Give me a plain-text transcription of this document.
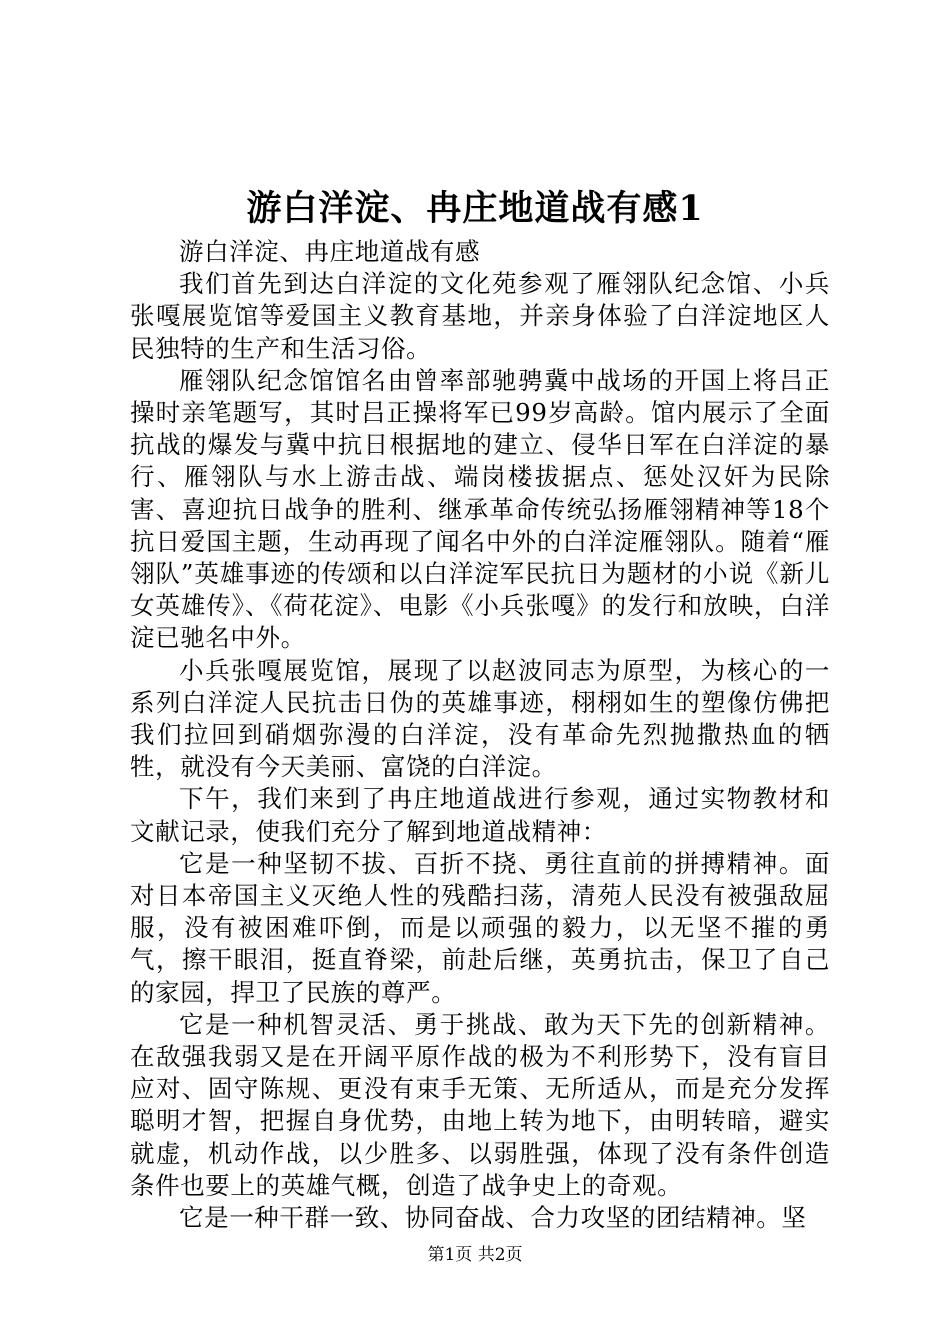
游白洋淀、冉庄地道战有感1

游白洋淀、冉庄地道战有感

我们首先到达白洋淀的文化苑参观了雁翎队纪念馆、小兵张嘎展览馆等爱国主义教育基地，并亲身体验了白洋淀地区人民独特的生产和生活习俗。

雁翎队纪念馆馆名由曾率部驰骋冀中战场的开国上将吕正操时亲笔题写，其时吕正操将军已99岁高龄。馆内展示了全面抗战的爆发与冀中抗日根据地的建立、侵华日军在白洋淀的暴行、雁翎队与水上游击战、端岗楼拔据点、惩处汉奸为民除害、喜迎抗日战争的胜利、继承革命传统弘扬雁翎精神等18个抗日爱国主题，生动再现了闻名中外的白洋淀雁翎队。随着“雁翎队”英雄事迹的传颂和以白洋淀军民抗日为题材的小说《新儿女英雄传》、《荷花淀》、电影《小兵张嘎》的发行和放映，白洋淀已驰名中外。

小兵张嘎展览馆，展现了以赵波同志为原型，为核心的一系列白洋淀人民抗击日伪的英雄事迹，栩栩如生的塑像仿佛把我们拉回到硝烟弥漫的白洋淀，没有革命先烈抛撒热血的牺牲，就没有今天美丽、富饶的白洋淀。

下午，我们来到了冉庄地道战进行参观，通过实物教材和文献记录，使我们充分了解到地道战精神：

它是一种坚韧不拔、百折不挠、勇往直前的拼搏精神。面对日本帝国主义灭绝人性的残酷扫荡，清苑人民没有被强敌屈服，没有被困难吓倒，而是以顽强的毅力，以无坚不摧的勇气，擦干眼泪，挺直脊梁，前赴后继，英勇抗击，保卫了自己的家园，捍卫了民族的尊严。

它是一种机智灵活、勇于挑战、敢为天下先的创新精神。在敌强我弱又是在开阔平原作战的极为不利形势下，没有盲目应对、固守陈规、更没有束手无策、无所适从，而是充分发挥聪明才智，把握自身优势，由地上转为地下，由明转暗，避实就虚，机动作战，以少胜多、以弱胜强，体现了没有条件创造条件也要上的英雄气概，创造了战争史上的奇观。

它是一种干群一致、协同奋战、合力攻坚的团结精神。坚

第1页 共2页
